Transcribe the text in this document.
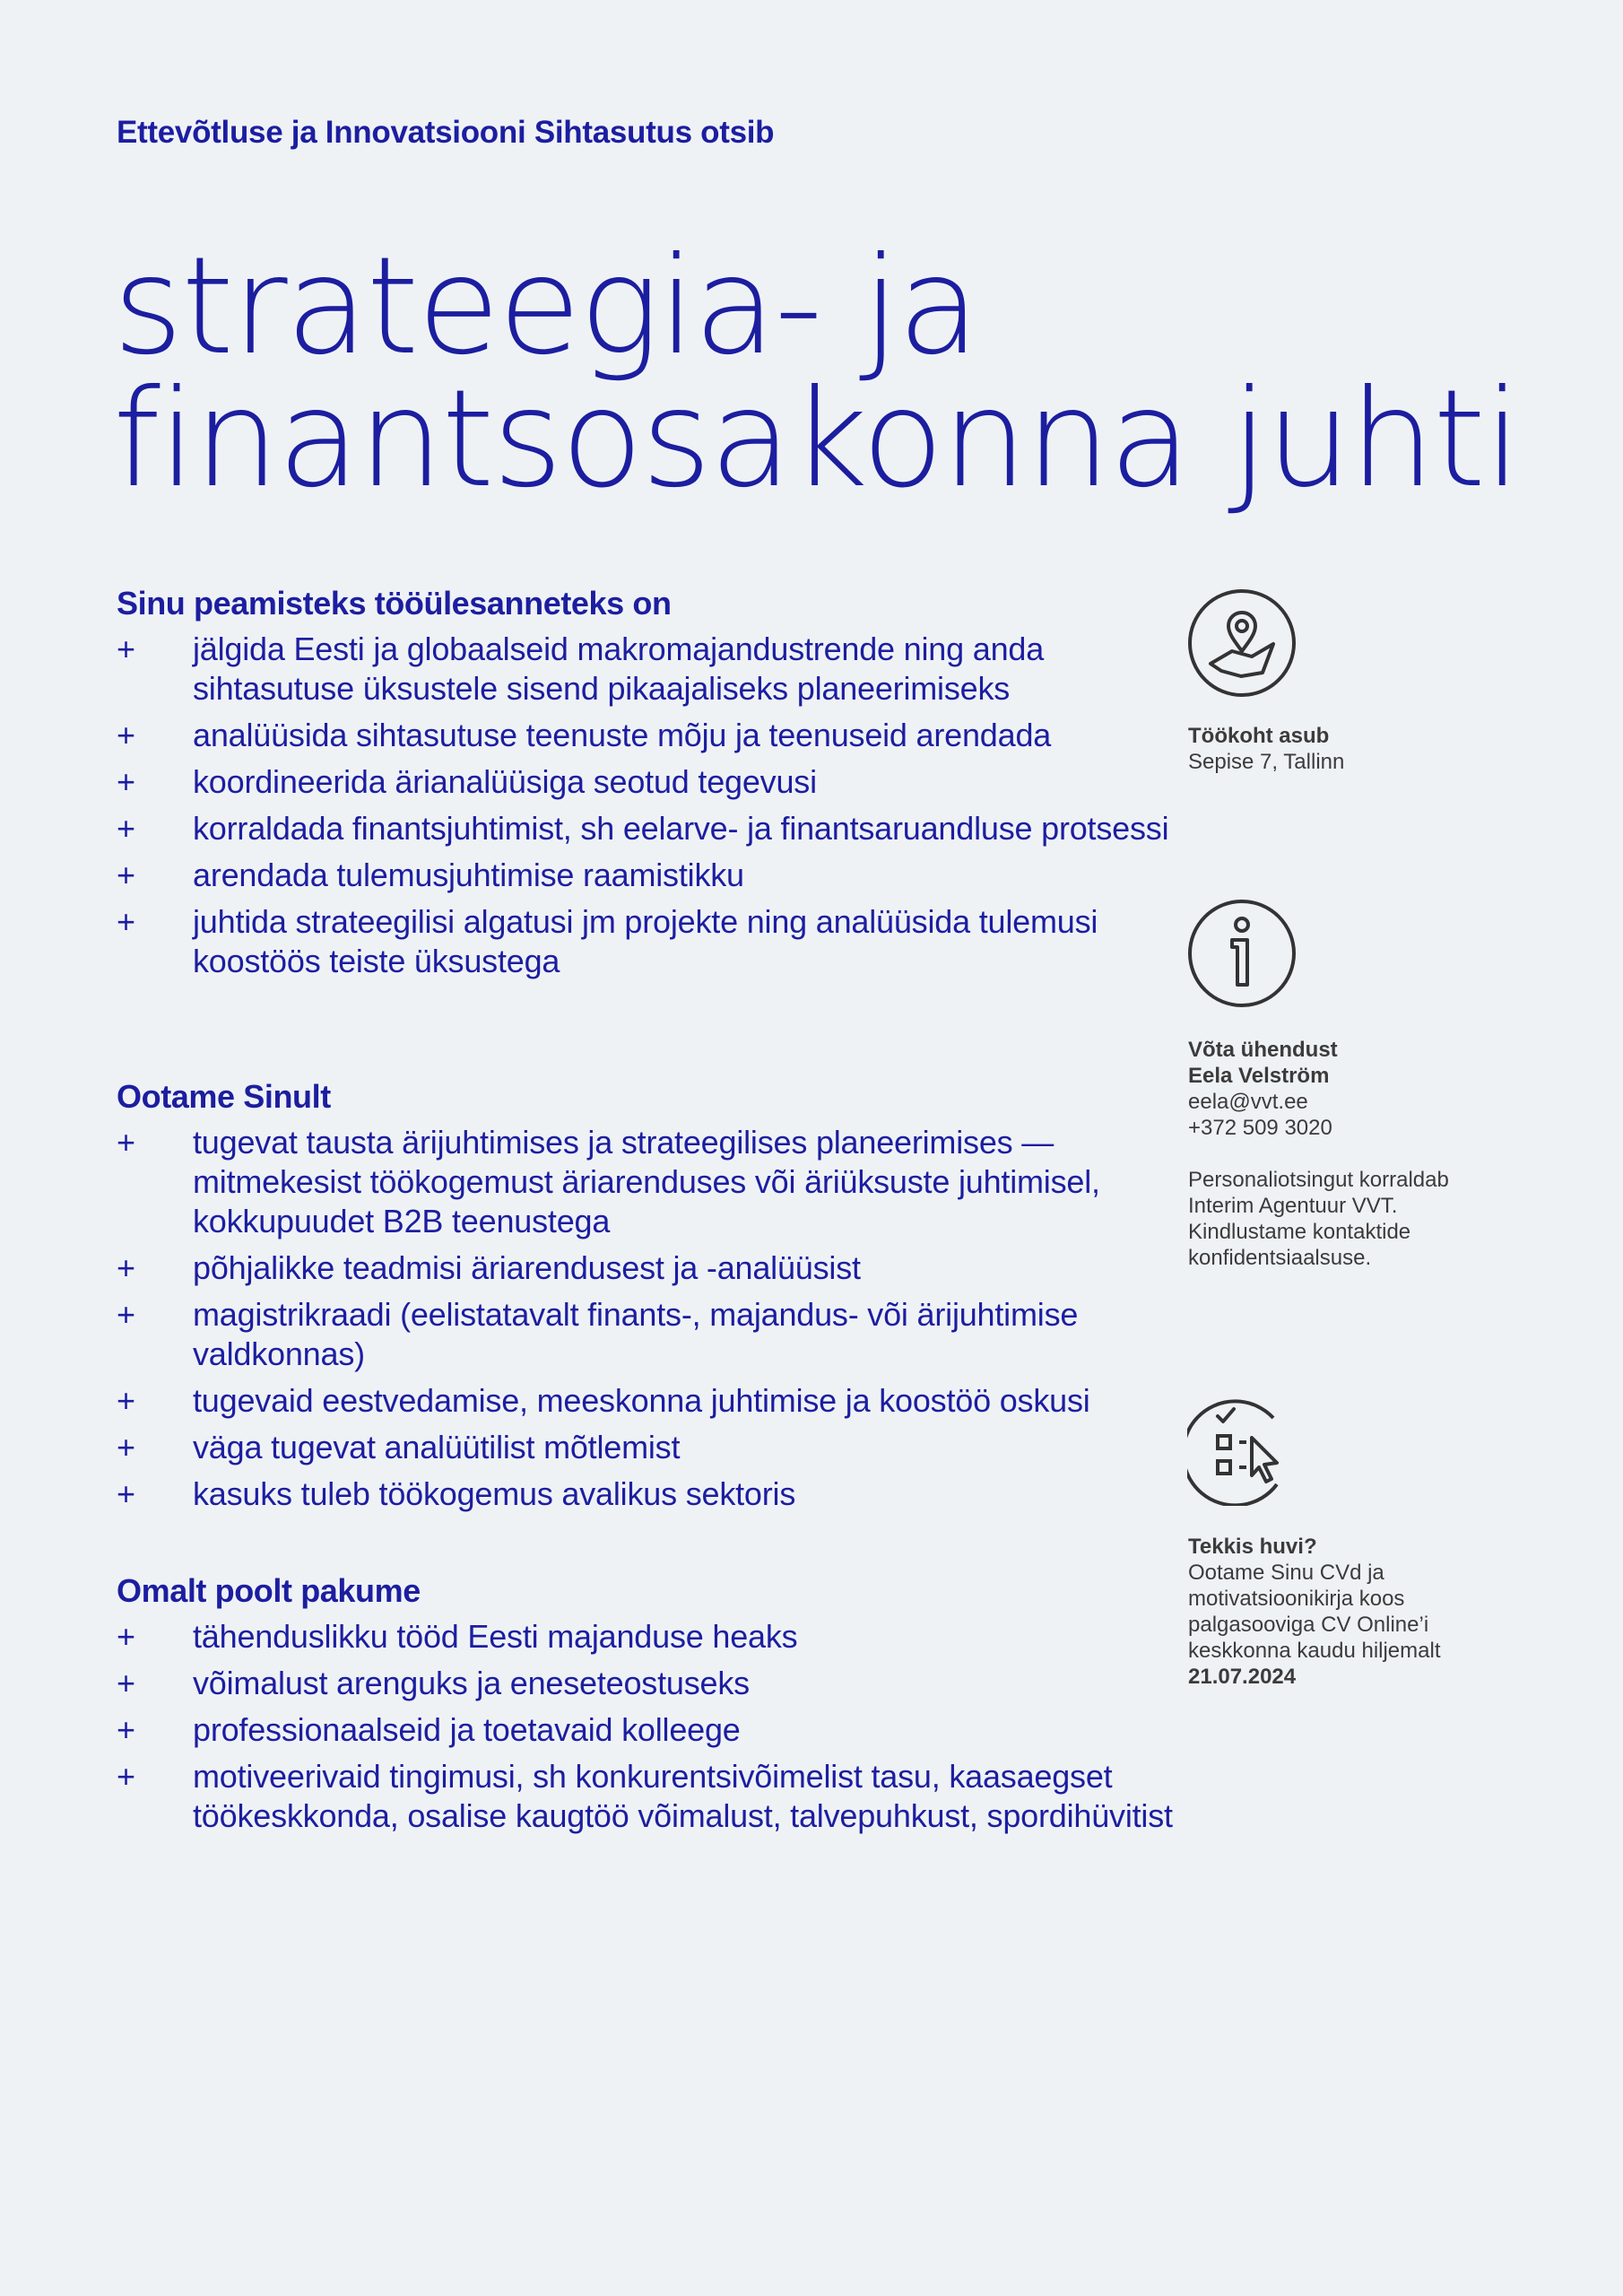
Ettevõtluse ja Innovatsiooni Sihtasutus otsib

strateegia- ja
finantsosakonna juhti
Sinu peamisteks tööülesanneteks on
+ jälgida Eesti ja globaalseid makromajandustrende ning anda sihtasutuse üksustele sisend pikaajaliseks planeerimiseks
+ analüüsida sihtasutuse teenuste mõju ja teenuseid arendada
+ koordineerida ärianalüüsiga seotud tegevusi
+ korraldada finantsjuhtimist, sh eelarve- ja finantsaruandluse protsessi
+ arendada tulemusjuhtimise raamistikku
+ juhtida strateegilisi algatusi jm projekte ning analüüsida tulemusi koostöös teiste üksustega
Ootame Sinult
+ tugevat tausta ärijuhtimises ja strateegilises planeerimises — mitmekesist töökogemust äriarenduses või äriüksuste juhtimisel, kokkupuudet B2B teenustega
+ põhjalikke teadmisi äriarendusest ja -analüüsist
+ magistrikraadi (eelistatavalt finants-, majandus- või ärijuhtimise valdkonnas)
+ tugevaid eestvedamise, meeskonna juhtimise ja koostöö oskusi
+ väga tugevat analüütilist mõtlemist
+ kasuks tuleb töökogemus avalikus sektoris
Omalt poolt pakume
+ tähenduslikku tööd Eesti majanduse heaks
+ võimalust arenguks ja eneseteostuseks
+ professionaalseid ja toetavaid kolleege
+ motiveerivaid tingimusi, sh konkurentsivõimelist tasu, kaasaegset töökeskkonda, osalise kaugtöö võimalust, talvepuhkust, spordihüvitist

Töökoht asub

Sepise 7, Tallinn

Võta ühendust

Eela Velström

eela@vvt.ee

+372 509 3020

Personaliotsingut korraldab

Interim Agentuur VVT.

Kindlustame kontaktide

konfidentsiaalsuse.

Tekkis huvi?

Ootame Sinu CVd ja

motivatsioonikirja koos

palgasooviga CV Online’i

keskkonna kaudu hiljemalt

21.07.2024
